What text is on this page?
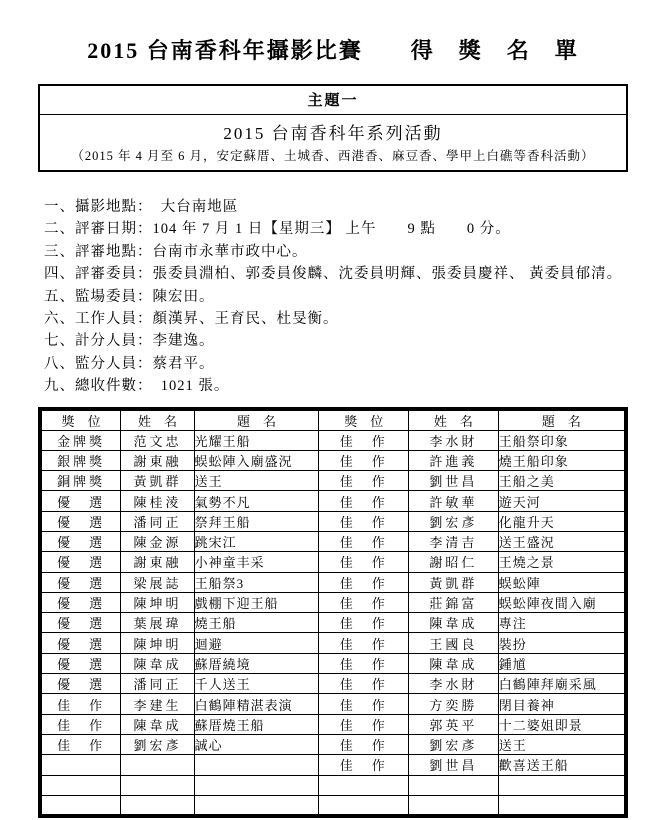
2015 台南香科年攝影比賽　　得　獎　名　單
主題一
2015 台南香科年系列活動
（2015 年 4 月至 6 月，安定蘇厝、土城香、西港香、麻豆香、學甲上白礁等香科活動）
一、攝影地點：　大台南地區
二、評審日期：104 年 7 月 1 日【星期三】 上午　　9 點　　0 分。
三、評審地點：台南市永華市政中心。
四、評審委員：張委員淵柏、郭委員俊麟、沈委員明輝、張委員慶祥、 黃委員郁清。
五、監場委員：陳宏田。
六、工作人員：顏漢昇、王育民、杜旻衡。
七、計分人員：李建逸。
八、監分人員：蔡君平。
九、總收件數：　1021 張。
獎　位	姓　名	題　名	獎　位	姓　名	題　名
金牌獎	范文忠	光耀王船	佳　作	李水財	王船祭印象
銀牌獎	謝東融	蜈蚣陣入廟盛況	佳　作	許進義	燒王船印象
銅牌獎	黃凱群	送王	佳　作	劉世昌	王船之美
優　選	陳桂淩	氣勢不凡	佳　作	許敏華	遊天河
優　選	潘同正	祭拜王船	佳　作	劉宏彥	化龍升天
優　選	陳金源	跳宋江	佳　作	李清吉	送王盛況
優　選	謝東融	小神童丰采	佳　作	謝昭仁	王燒之景
優　選	梁展誌	王船祭3	佳　作	黃凱群	蜈蚣陣
優　選	陳坤明	戲棚下迎王船	佳　作	莊錦富	蜈蚣陣夜間入廟
優　選	葉展瑋	燒王船	佳　作	陳韋成	專注
優　選	陳坤明	迴避	佳　作	王國良	裝扮
優　選	陳韋成	蘇厝繞境	佳　作	陳韋成	鍾馗
優　選	潘同正	千人送王	佳　作	李水財	白鶴陣拜廟采風
佳　作	李建生	白鶴陣精湛表演	佳　作	方奕勝	閉目養神
佳　作	陳韋成	蘇厝燒王船	佳　作	郭英平	十二婆姐即景
佳　作	劉宏彥	誠心	佳　作	劉宏彥	送王
			佳　作	劉世昌	歡喜送王船
